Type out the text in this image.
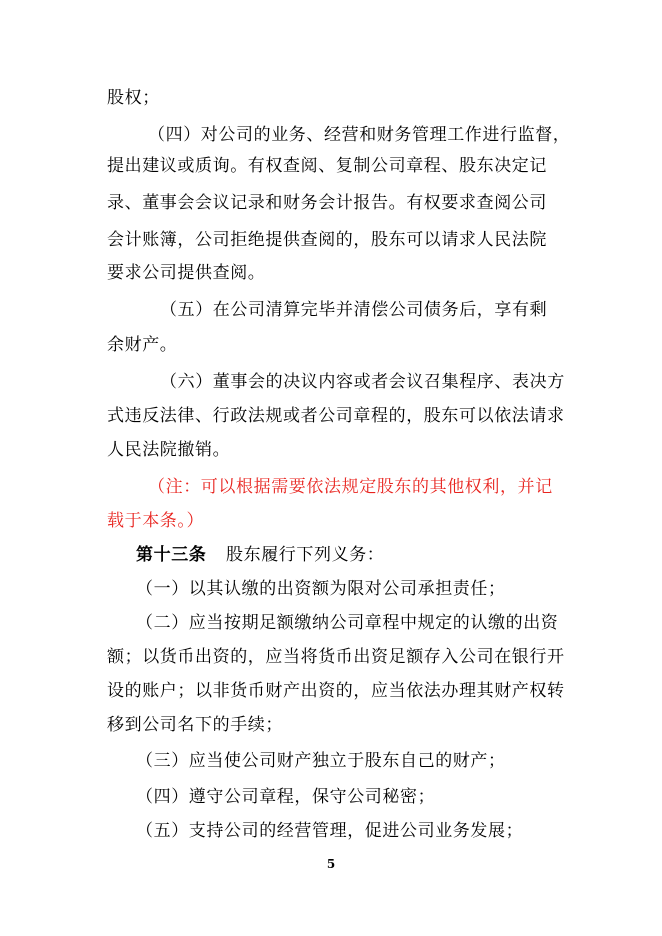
股权；
（四）对公司的业务、经营和财务管理工作进行监督，
提出建议或质询。有权查阅、复制公司章程、股东决定记
录、董事会会议记录和财务会计报告。有权要求查阅公司
会计账簿，公司拒绝提供查阅的，股东可以请求人民法院
要求公司提供查阅。
（五）在公司清算完毕并清偿公司债务后，享有剩
余财产。
（六）董事会的决议内容或者会议召集程序、表决方
式违反法律、行政法规或者公司章程的，股东可以依法请求
人民法院撤销。
（注：可以根据需要依法规定股东的其他权利，并记
载于本条。）
第十三条 股东履行下列义务：
（一）以其认缴的出资额为限对公司承担责任；
（二）应当按期足额缴纳公司章程中规定的认缴的出资
额；以货币出资的，应当将货币出资足额存入公司在银行开
设的账户；以非货币财产出资的，应当依法办理其财产权转
移到公司名下的手续；
（三）应当使公司财产独立于股东自己的财产；
（四）遵守公司章程，保守公司秘密；
（五）支持公司的经营管理，促进公司业务发展；
5
